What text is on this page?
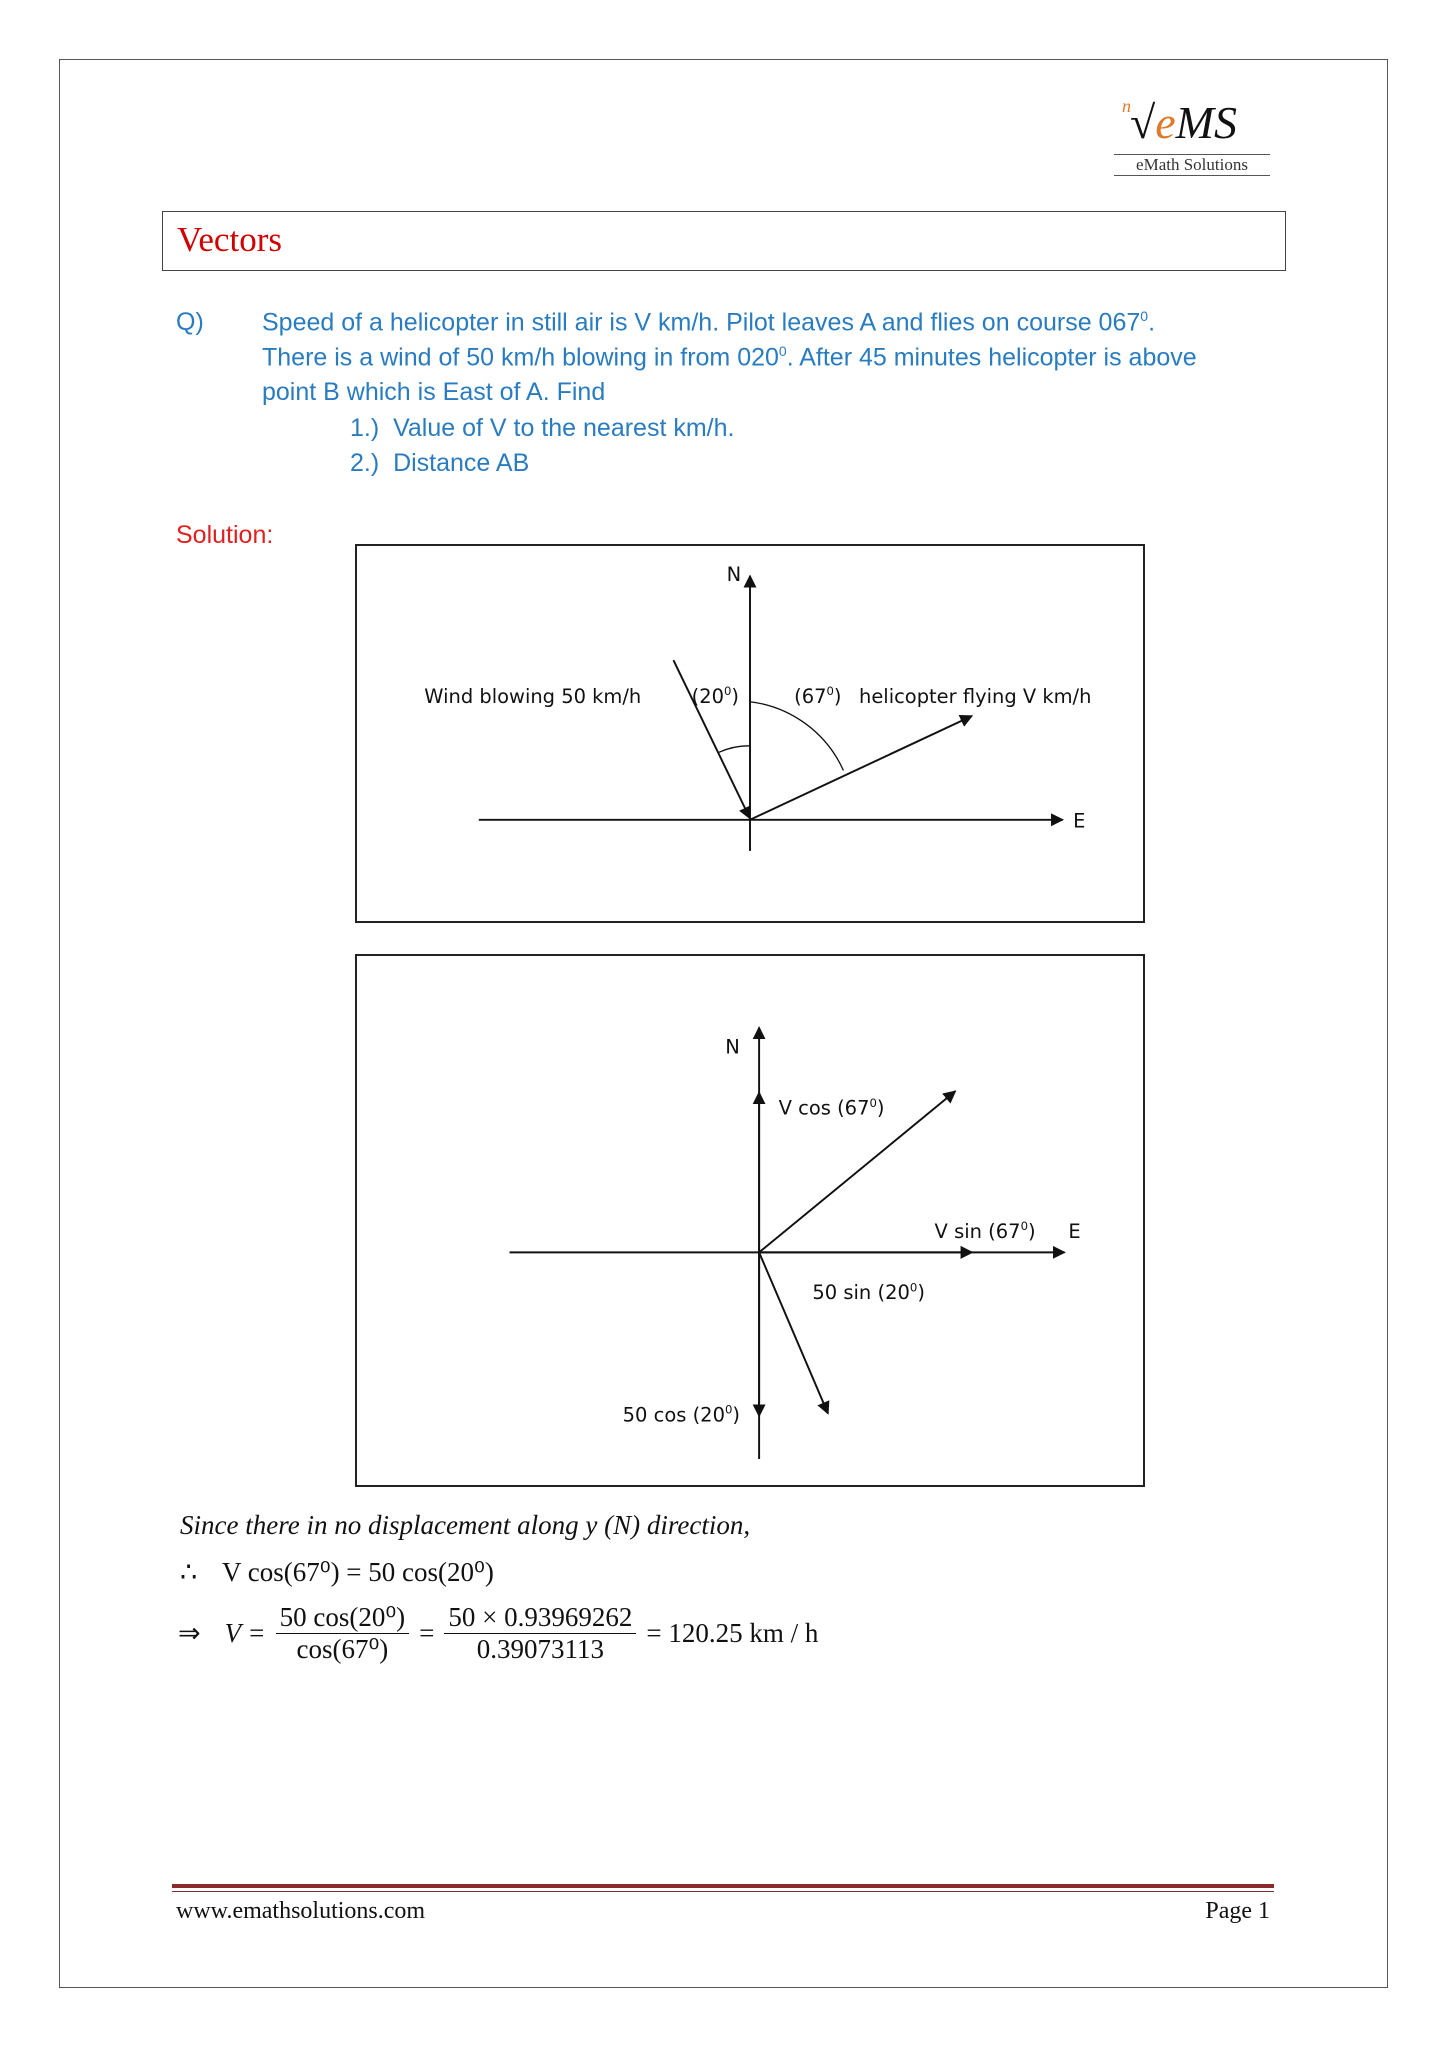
n √eMS
eMath Solutions
Vectors
Q) Speed of a helicopter in still air is V km/h. Pilot leaves A and flies on course $067^0$.
There is a wind of 50 km/h blowing in from $020^0$. After 45 minutes helicopter is above
point B which is East of A. Find
1.)  Value of V to the nearest km/h.
2.)  Distance AB
Solution:
N
E
Wind blowing 50 km/h	$(20^0)$	$(67^0)$ helicopter flying V km/h
N
E
V $\cos (67^0)$
V $\sin (67^0)$
50 $\sin (20^0)$
50 $\cos (20^0)$
Since there in no displacement along y (N) direction,
∴ V cos(67⁰) = 50 cos(20⁰)
⇒ $V = \frac{\text{50 cos(20⁰)}}{\text{cos(67⁰)}} = \frac{50 \times 0.93969262}{0.39073113} = 120.25$ km / h
www.emathsolutions.com	Page 1
